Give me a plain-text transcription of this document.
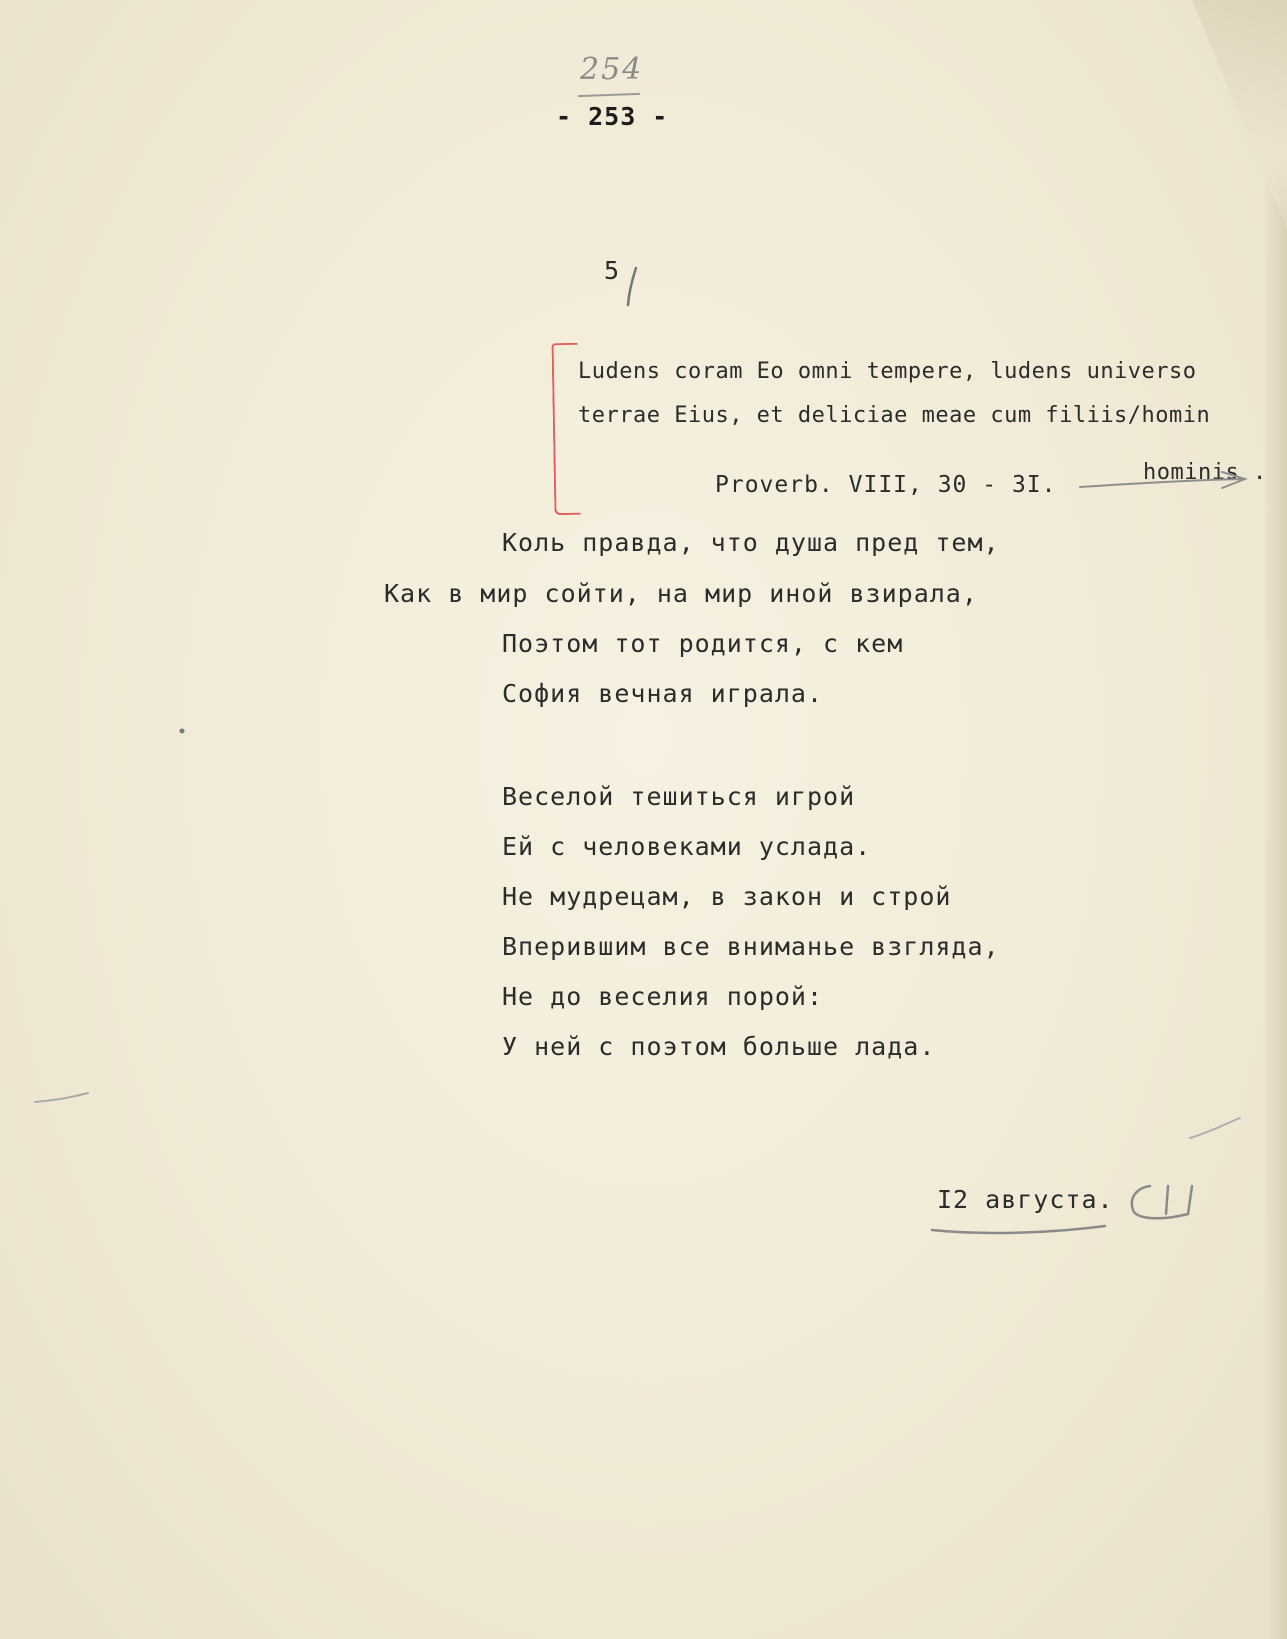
254
- 253 -
5
Ludens coram Eo omni tempere, ludens universo
terrae Eius, et deliciae meae cum filiis/homin
hominis .
Proverb. VIII, 30 - 3I.
Коль правда, что душа пред тем,
Как в мир сойти, на мир иной взирала,
Поэтом тот родится, с кем
София вечная играла.
Веселой тешиться игрой
Ей с человеками услада.
Не мудрецам, в закон и строй
Вперившим все вниманье взгляда,
Не до веселия порой:
У ней с поэтом больше лада.
I2 августа.
